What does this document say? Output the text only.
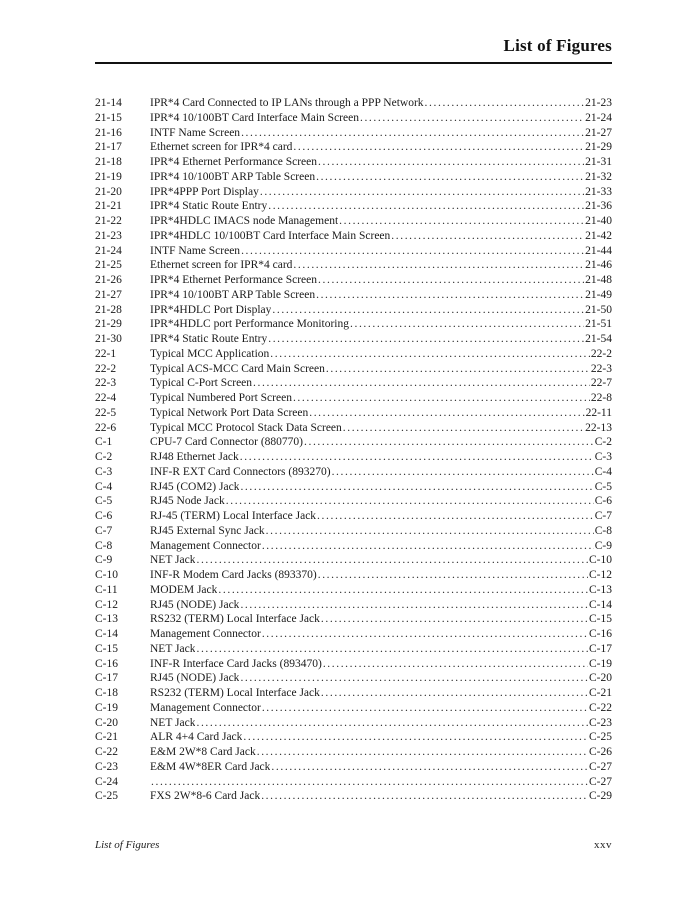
List of Figures
21-14	IPR*4 Card Connected to IP LANs through a PPP Network .....	21-23
21-15	IPR*4 10/100BT Card Interface Main Screen .....	21-24
21-16	INTF Name Screen .....	21-27
21-17	Ethernet screen for IPR*4 card .....	21-29
21-18	IPR*4 Ethernet Performance Screen .....	21-31
21-19	IPR*4 10/100BT ARP Table Screen .....	21-32
21-20	IPR*4PPP Port Display .....	21-33
21-21	IPR*4 Static Route Entry .....	21-36
21-22	IPR*4HDLC IMACS node Management .....	21-40
21-23	IPR*4HDLC 10/100BT Card Interface Main Screen .....	21-42
21-24	INTF Name Screen .....	21-44
21-25	Ethernet screen for IPR*4 card .....	21-46
21-26	IPR*4 Ethernet Performance Screen .....	21-48
21-27	IPR*4 10/100BT ARP Table Screen .....	21-49
21-28	IPR*4HDLC Port Display .....	21-50
21-29	IPR*4HDLC port Performance Monitoring .....	21-51
21-30	IPR*4 Static Route Entry .....	21-54
22-1	Typical MCC Application .....	22-2
22-2	Typical ACS-MCC Card Main Screen .....	22-3
22-3	Typical C-Port Screen .....	22-7
22-4	Typical Numbered Port Screen .....	22-8
22-5	Typical Network Port Data Screen .....	22-11
22-6	Typical MCC Protocol Stack Data Screen .....	22-13
C-1	CPU-7 Card Connector (880770) .....	C-2
C-2	RJ48 Ethernet Jack .....	C-3
C-3	INF-R EXT Card Connectors (893270) .....	C-4
C-4	RJ45 (COM2) Jack .....	C-5
C-5	RJ45 Node Jack .....	C-6
C-6	RJ-45 (TERM) Local Interface Jack .....	C-7
C-7	RJ45 External Sync Jack .....	C-8
C-8	Management Connector .....	C-9
C-9	NET Jack .....	C-10
C-10	INF-R Modem Card Jacks (893370) .....	C-12
C-11	MODEM Jack .....	C-13
C-12	RJ45 (NODE) Jack .....	C-14
C-13	RS232 (TERM) Local Interface Jack .....	C-15
C-14	Management Connector .....	C-16
C-15	NET Jack .....	C-17
C-16	INF-R Interface Card Jacks (893470) .....	C-19
C-17	RJ45 (NODE) Jack .....	C-20
C-18	RS232 (TERM) Local Interface Jack .....	C-21
C-19	Management Connector .....	C-22
C-20	NET Jack .....	C-23
C-21	ALR 4+4 Card Jack .....	C-25
C-22	E&M 2W*8 Card Jack .....	C-26
C-23	E&M 4W*8ER Card Jack .....	C-27
C-24 .....	C-27
C-25	FXS 2W*8-6 Card Jack .....	C-29
List of Figures	xxv
